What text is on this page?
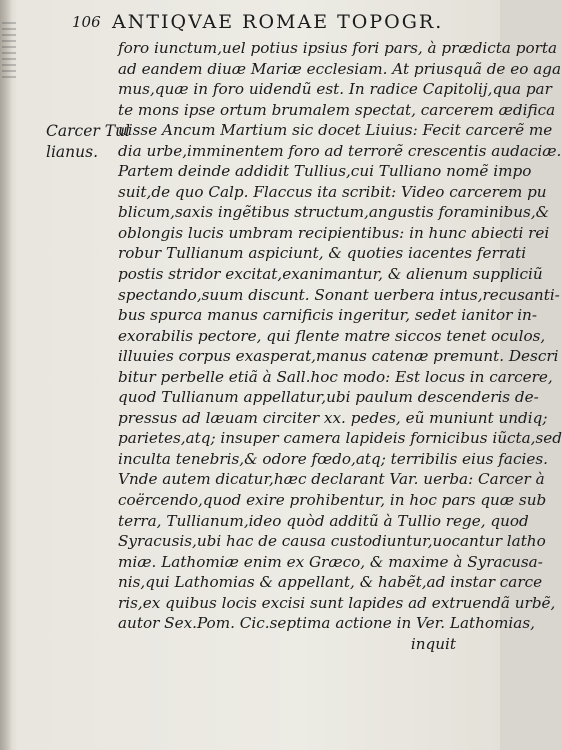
106 ANTIQVAE ROMAE TOPOGR.
Carcer Tul
lianus.
foro iunctum,uel potius ipsius fori pars, à prædicta porta
ad eandem diuæ Mariæ ecclesiam. At priusquã de eo aga
mus,quæ in foro uidendũ est. In radice Capitolij,qua par
te mons ipse ortum brumalem spectat, carcerem ædifica
uisse Ancum Martium sic docet Liuius: Fecit carcerẽ me
dia urbe,imminentem foro ad terrorẽ crescentis audaciæ.
Partem deinde addidit Tullius,cui Tulliano nomẽ impo
suit,de quo Calp. Flaccus ita scribit: Video carcerem pu
blicum,saxis ingẽtibus structum,angustis foraminibus,&
oblongis lucis umbram recipientibus: in hunc abiecti rei
robur Tullianum aspiciunt, & quoties iacentes ferrati
postis stridor excitat,exanimantur, & alienum suppliciũ
spectando,suum discunt. Sonant uerbera intus,recusanti-
bus spurca manus carnificis ingeritur, sedet ianitor in-
exorabilis pectore, qui flente matre siccos tenet oculos,
illuuies corpus exasperat,manus catenæ premunt. Descri
bitur perbelle etiã à Sall.hoc modo: Est locus in carcere,
quod Tullianum appellatur,ubi paulum descenderis de-
pressus ad læuam circiter xx. pedes, eũ muniunt undiq;
parietes,atq; insuper camera lapideis fornicibus iũcta,sed
inculta tenebris,& odore fœdo,atq; terribilis eius facies.
Vnde autem dicatur,hæc declarant Var. uerba: Carcer à
coërcendo,quod exire prohibentur, in hoc pars quæ sub
terra, Tullianum,ideo quòd additũ à Tullio rege, quod
Syracusis,ubi hac de causa custodiuntur,uocantur latho
miæ. Lathomiæ enim ex Græco, & maxime à Syracusa-
nis,qui Lathomias & appellant, & habẽt,ad instar carce
ris,ex quibus locis excisi sunt lapides ad extruendã urbẽ,
autor Sex.Pom. Cic.septima actione in Ver. Lathomias,
inquit
